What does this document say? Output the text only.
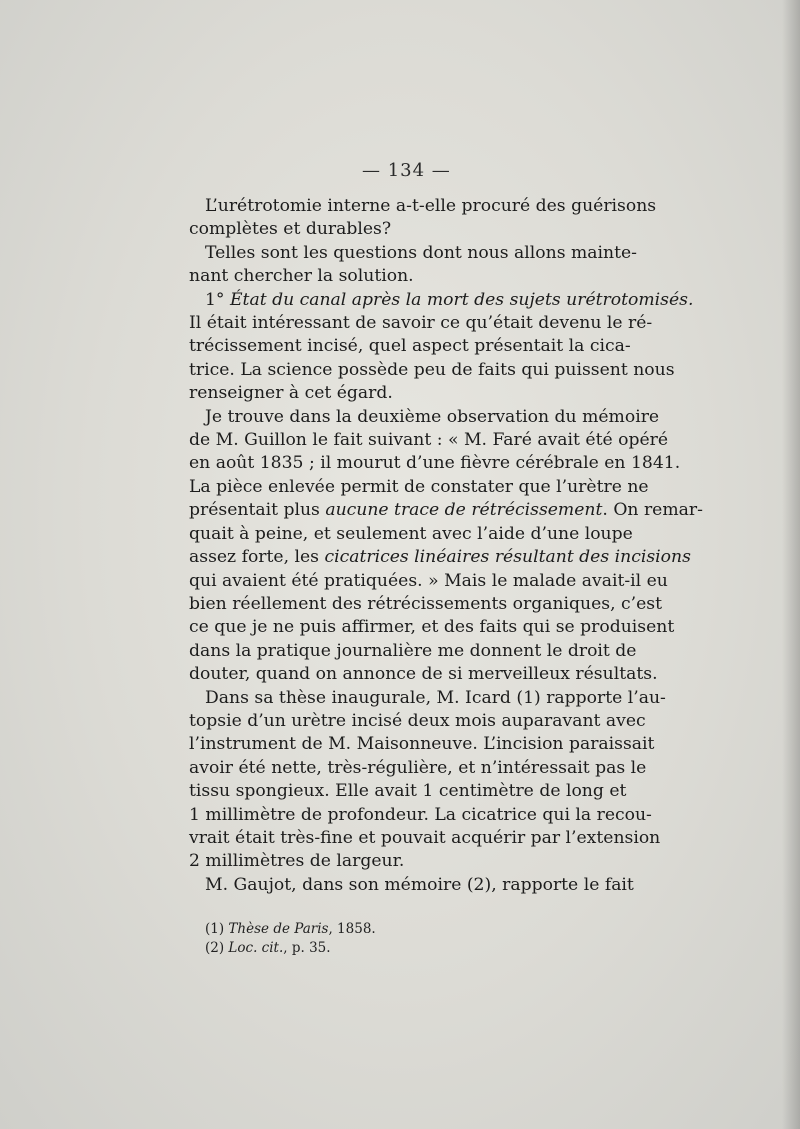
— 134 —
L’urétrotomie interne a-t-elle procuré des guérisons
complètes et durables?
Telles sont les questions dont nous allons mainte-
nant chercher la solution.
1° État du canal après la mort des sujets urétrotomisés.
Il était intéressant de savoir ce qu’était devenu le ré-
trécissement incisé, quel aspect présentait la cica-
trice. La science possède peu de faits qui puissent nous
renseigner à cet égard.
Je trouve dans la deuxième observation du mémoire
de M. Guillon le fait suivant : « M. Faré avait été opéré
en août 1835 ; il mourut d’une fièvre cérébrale en 1841.
La pièce enlevée permit de constater que l’urètre ne
présentait plus aucune trace de rétrécissement. On remar-
quait à peine, et seulement avec l’aide d’une loupe
assez forte, les cicatrices linéaires résultant des incisions
qui avaient été pratiquées. » Mais le malade avait-il eu
bien réellement des rétrécissements organiques, c’est
ce que je ne puis affirmer, et des faits qui se produisent
dans la pratique journalière me donnent le droit de
douter, quand on annonce de si merveilleux résultats.
Dans sa thèse inaugurale, M. Icard (1) rapporte l’au-
topsie d’un urètre incisé deux mois auparavant avec
l’instrument de M. Maisonneuve. L’incision paraissait
avoir été nette, très-régulière, et n’intéressait pas le
tissu spongieux. Elle avait 1 centimètre de long et
1 millimètre de profondeur. La cicatrice qui la recou-
vrait était très-fine et pouvait acquérir par l’extension
2 millimètres de largeur.
M. Gaujot, dans son mémoire (2), rapporte le fait
(1) Thèse de Paris, 1858.
(2) Loc. cit., p. 35.
